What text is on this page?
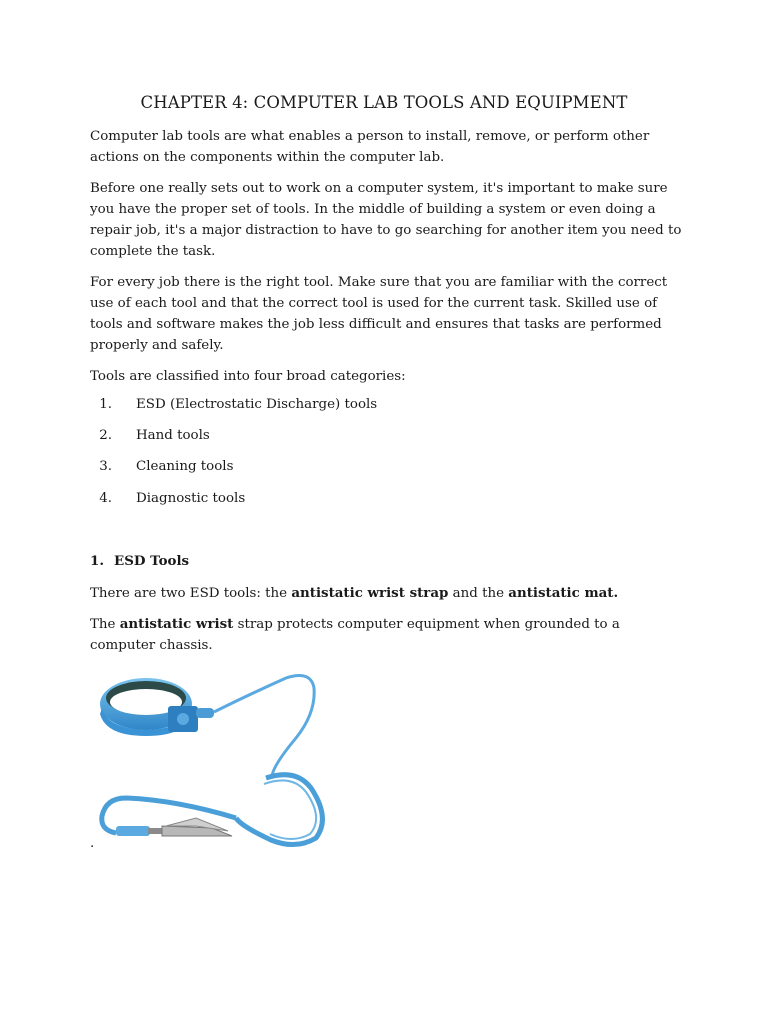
CHAPTER 4: COMPUTER LAB TOOLS AND EQUIPMENT

Computer lab tools are what enables a person to install, remove, or perform other actions on the components within the computer lab.

Before one really sets out to work on a computer system, it's important to make sure you have the proper set of tools. In the middle of building a system or even doing a repair job, it's a major distraction to have to go searching for another item you need to complete the task.

For every job there is the right tool. Make sure that you are familiar with the correct use of each tool and that the correct tool is used for the current task. Skilled use of tools and software makes the job less difficult and ensures that tasks are performed properly and safely.

Tools are classified into four broad categories:

1. ESD (Electrostatic Discharge) tools
2. Hand tools
3. Cleaning tools
4. Diagnostic tools
1. ESD Tools

There are two ESD tools: the antistatic wrist strap and the antistatic mat.

The antistatic wrist strap protects computer equipment when grounded to a computer chassis.

.
